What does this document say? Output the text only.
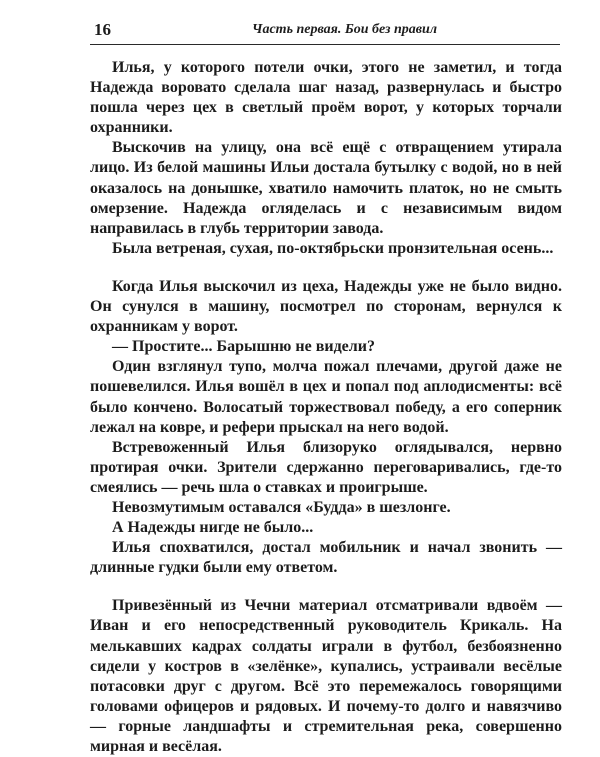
16	Часть первая. Бои без правил

Илья, у которого потели очки, этого не заметил, и тогда Надежда воровато сделала шаг назад, развернулась и быстро пошла через цех в светлый проём ворот, у которых торчали охранники.

Выскочив на улицу, она всё ещё с отвращением утирала лицо. Из белой машины Ильи достала бутылку с водой, но в ней оказалось на донышке, хватило намочить платок, но не смыть омерзение. Надежда огляделась и с независимым видом направилась в глубь территории завода.

Была ветреная, сухая, по-октябрьски пронзительная осень...

Когда Илья выскочил из цеха, Надежды уже не было видно. Он сунулся в машину, посмотрел по сторонам, вернулся к охранникам у ворот.

— Простите... Барышню не видели?

Один взглянул тупо, молча пожал плечами, другой даже не пошевелился. Илья вошёл в цех и попал под аплодисменты: всё было кончено. Волосатый торжествовал победу, а его соперник лежал на ковре, и рефери прыскал на него водой.

Встревоженный Илья близоруко оглядывался, нервно протирая очки. Зрители сдержанно переговаривались, где-то смеялись — речь шла о ставках и проигрыше.

Невозмутимым оставался «Будда» в шезлонге.

А Надежды нигде не было...

Илья спохватился, достал мобильник и начал звонить — длинные гудки были ему ответом.

Привезённый из Чечни материал отсматривали вдвоём — Иван и его непосредственный руководитель Крикаль. На мелькавших кадрах солдаты играли в футбол, безбоязненно сидели у костров в «зелёнке», купались, устраивали весёлые потасовки друг с другом. Всё это перемежалось говорящими головами офицеров и рядовых. И почему-то долго и навязчиво — горные ландшафты и стремительная река, совершенно мирная и весёлая.
